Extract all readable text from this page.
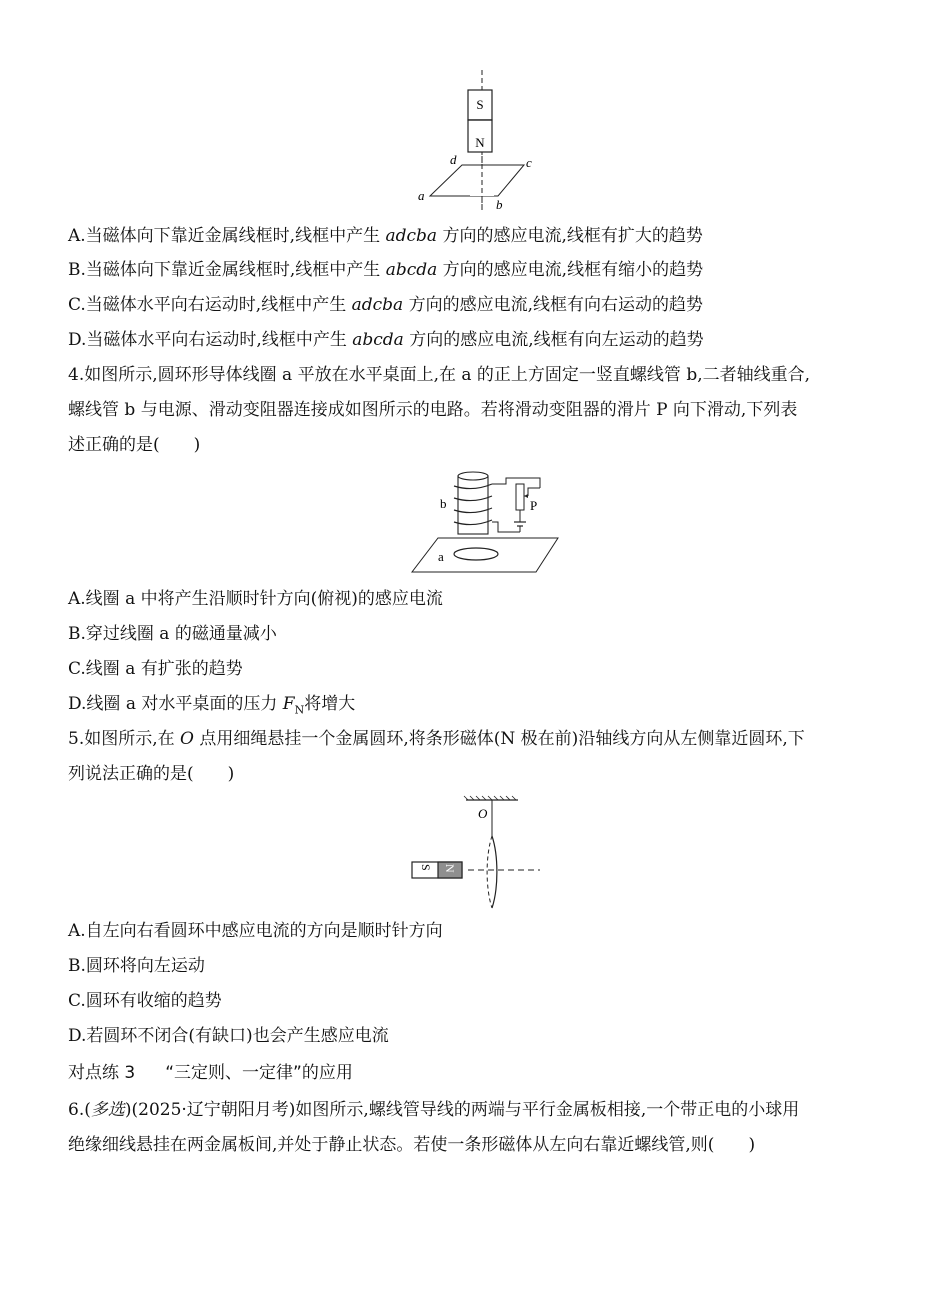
S
N
d	c
a
b
A.当磁体向下靠近金属线框时,线框中产生 adcba 方向的感应电流,线框有扩大的趋势
B.当磁体向下靠近金属线框时,线框中产生 abcda 方向的感应电流,线框有缩小的趋势
C.当磁体水平向右运动时,线框中产生 adcba 方向的感应电流,线框有向右运动的趋势
D.当磁体水平向右运动时,线框中产生 abcda 方向的感应电流,线框有向左运动的趋势
4.如图所示,圆环形导体线圈 a 平放在水平桌面上,在 a 的正上方固定一竖直螺线管 b,二者轴线重合,
螺线管 b 与电源、滑动变阻器连接成如图所示的电路。若将滑动变阻器的滑片 P 向下滑动,下列表
述正确的是(　　)
b	P
a
A.线圈 a 中将产生沿顺时针方向(俯视)的感应电流
B.穿过线圈 a 的磁通量减小
C.线圈 a 有扩张的趋势
D.线圈 a 对水平桌面的压力 $F_N$将增大
5.如图所示,在 O 点用细绳悬挂一个金属圆环,将条形磁体(N 极在前)沿轴线方向从左侧靠近圆环,下
列说法正确的是(　　)
O
S N
A.自左向右看圆环中感应电流的方向是顺时针方向
B.圆环将向左运动
C.圆环有收缩的趋势
D.若圆环不闭合(有缺口)也会产生感应电流
对点练 3 “三定则、一定律”的应用
6.(多选)(2025·辽宁朝阳月考)如图所示,螺线管导线的两端与平行金属板相接,一个带正电的小球用
绝缘细线悬挂在两金属板间,并处于静止状态。若使一条形磁体从左向右靠近螺线管,则(　　)
